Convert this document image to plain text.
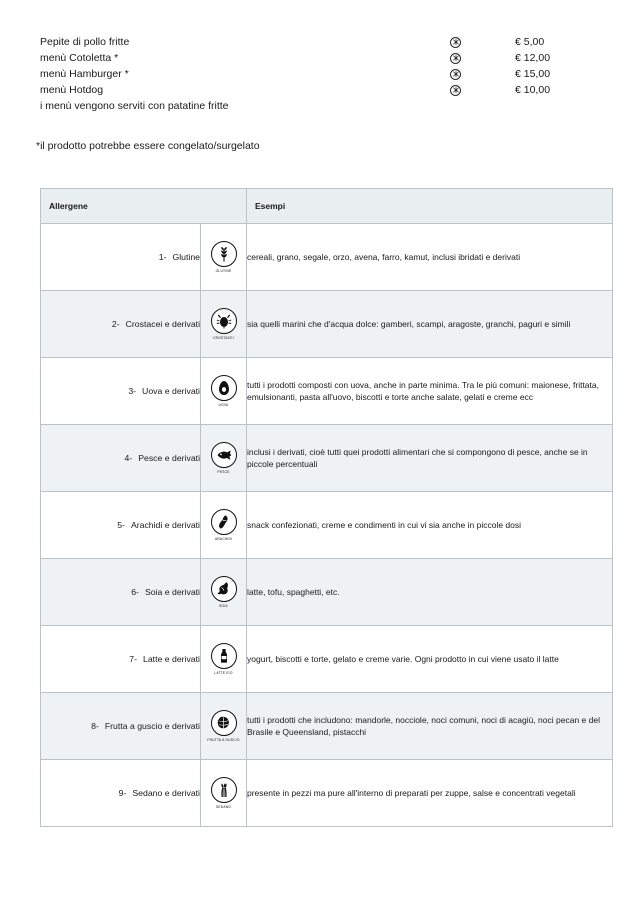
Pepite di pollo fritte	€ 5,00
menù Cotoletta *	€ 12,00
menù Hamburger *	€ 15,00
menù Hotdog	€ 10,00
i menù vengono serviti con patatine fritte
*il prodotto potrebbe essere congelato/surgelato
Allergene		Esempi

1- Glutine	GLUTINE	cereali, grano, segale, orzo, avena, farro, kamut, inclusi ibridati e derivati
2- Crostacei e derivati	CROSTACEI	sia quelli marini che d'acqua dolce: gamberi, scampi, aragoste, granchi, paguri e simili
3- Uova e derivati	UOVA	tutti i prodotti composti con uova, anche in parte minima. Tra le più comuni: maionese, frittata, emulsionanti, pasta all'uovo, biscotti e torte anche salate, gelati e creme ecc
4- Pesce e derivati	PESCE	inclusi i derivati, cioè tutti quei prodotti alimentari che si compongono di pesce, anche se in piccole percentuali
5- Arachidi e derivati	ARACHIDI	snack confezionati, creme e condimenti in cui vi sia anche in piccole dosi
6- Soia e derivati	SOIA	latte, tofu, spaghetti, etc.
7- Latte e derivati	LATTE E/O	yogurt, biscotti e torte, gelato e creme varie. Ogni prodotto in cui viene usato il latte
8- Frutta a guscio e derivati	FRUTTA A GUSCIO	tutti i prodotti che includono: mandorle, nocciole, noci comuni, noci di acagiù, noci pecan e del Brasile e Queensland, pistacchi
9- Sedano e derivati	SEDANO	presente in pezzi ma pure all'interno di preparati per zuppe, salse e concentrati vegetali
